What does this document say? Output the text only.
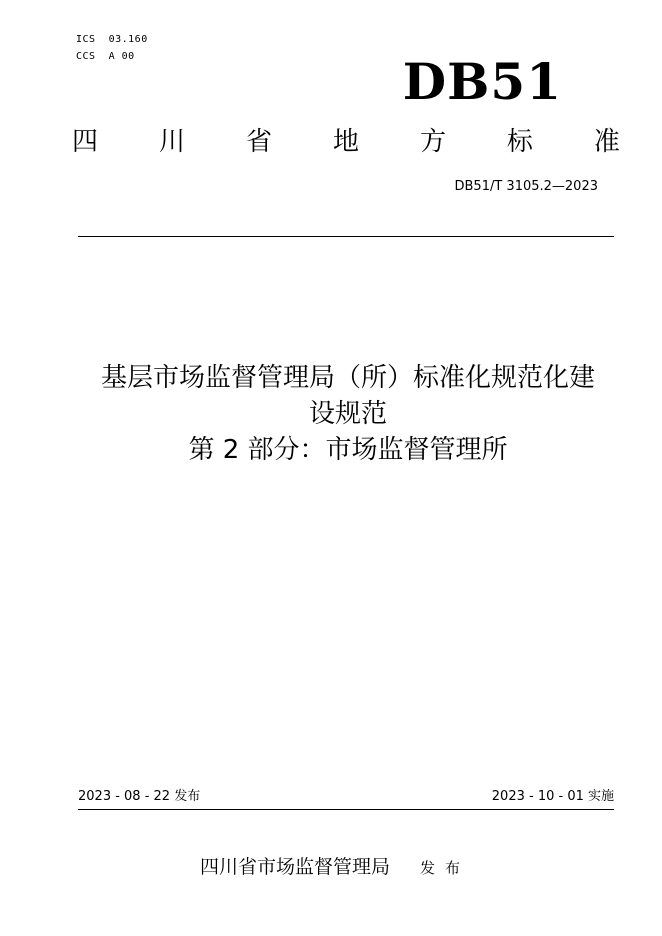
ICS  03.160
CCS  A 00	DB51
四 川 省 地 方 标 准
DB51/T 3105.2—2023
基层市场监督管理局（所）标准化规范化建
设规范
第 2 部分：市场监督管理所
2023 - 08 - 22 发布	2023 - 10 - 01 实施
四川省市场监督管理局 发布
